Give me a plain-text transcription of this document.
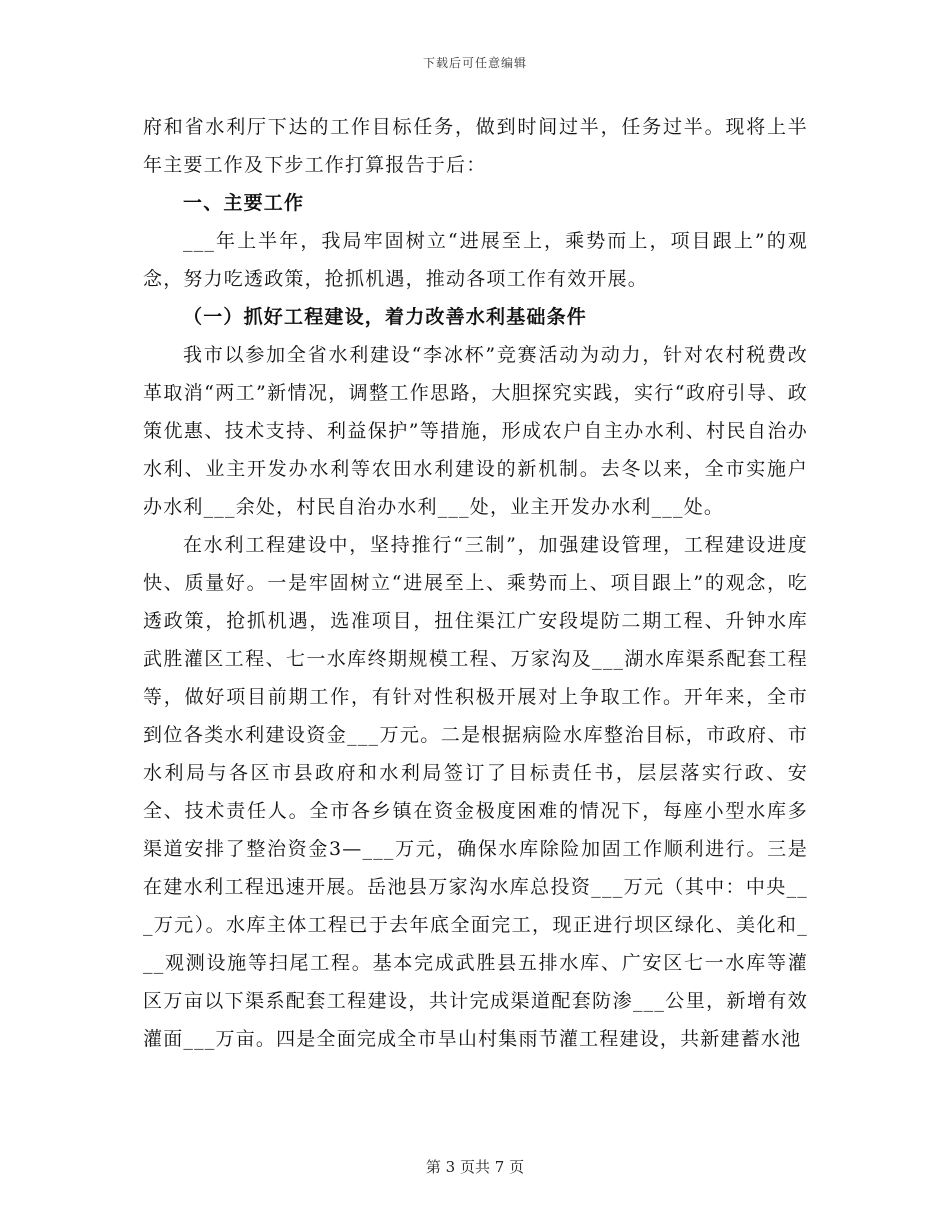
下载后可任意编辑

府和省水利厅下达的工作目标任务，做到时间过半，任务过半。现将上半年主要工作及下步工作打算报告于后：

一、主要工作

___年上半年，我局牢固树立“进展至上，乘势而上，项目跟上”的观念，努力吃透政策，抢抓机遇，推动各项工作有效开展。

（一）抓好工程建设，着力改善水利基础条件

我市以参加全省水利建设“李冰杯”竞赛活动为动力，针对农村税费改革取消“两工”新情况，调整工作思路，大胆探究实践，实行“政府引导、政策优惠、技术支持、利益保护”等措施，形成农户自主办水利、村民自治办水利、业主开发办水利等农田水利建设的新机制。去冬以来，全市实施户办水利___余处，村民自治办水利___处，业主开发办水利___处。

在水利工程建设中，坚持推行“三制”，加强建设管理，工程建设进度快、质量好。一是牢固树立“进展至上、乘势而上、项目跟上”的观念，吃透政策，抢抓机遇，选准项目，扭住渠江广安段堤防二期工程、升钟水库武胜灌区工程、七一水库终期规模工程、万家沟及___湖水库渠系配套工程等，做好项目前期工作，有针对性积极开展对上争取工作。开年来，全市到位各类水利建设资金___万元。二是根据病险水库整治目标，市政府、市水利局与各区市县政府和水利局签订了目标责任书，层层落实行政、安全、技术责任人。全市各乡镇在资金极度困难的情况下，每座小型水库多渠道安排了整治资金3—___万元，确保水库除险加固工作顺利进行。三是在建水利工程迅速开展。岳池县万家沟水库总投资___万元（其中：中央___万元）。水库主体工程已于去年底全面完工，现正进行坝区绿化、美化和___观测设施等扫尾工程。基本完成武胜县五排水库、广安区七一水库等灌区万亩以下渠系配套工程建设，共计完成渠道配套防渗___公里，新增有效灌面___万亩。四是全面完成全市旱山村集雨节灌工程建设，共新建蓄水池

第 3 页共 7 页
